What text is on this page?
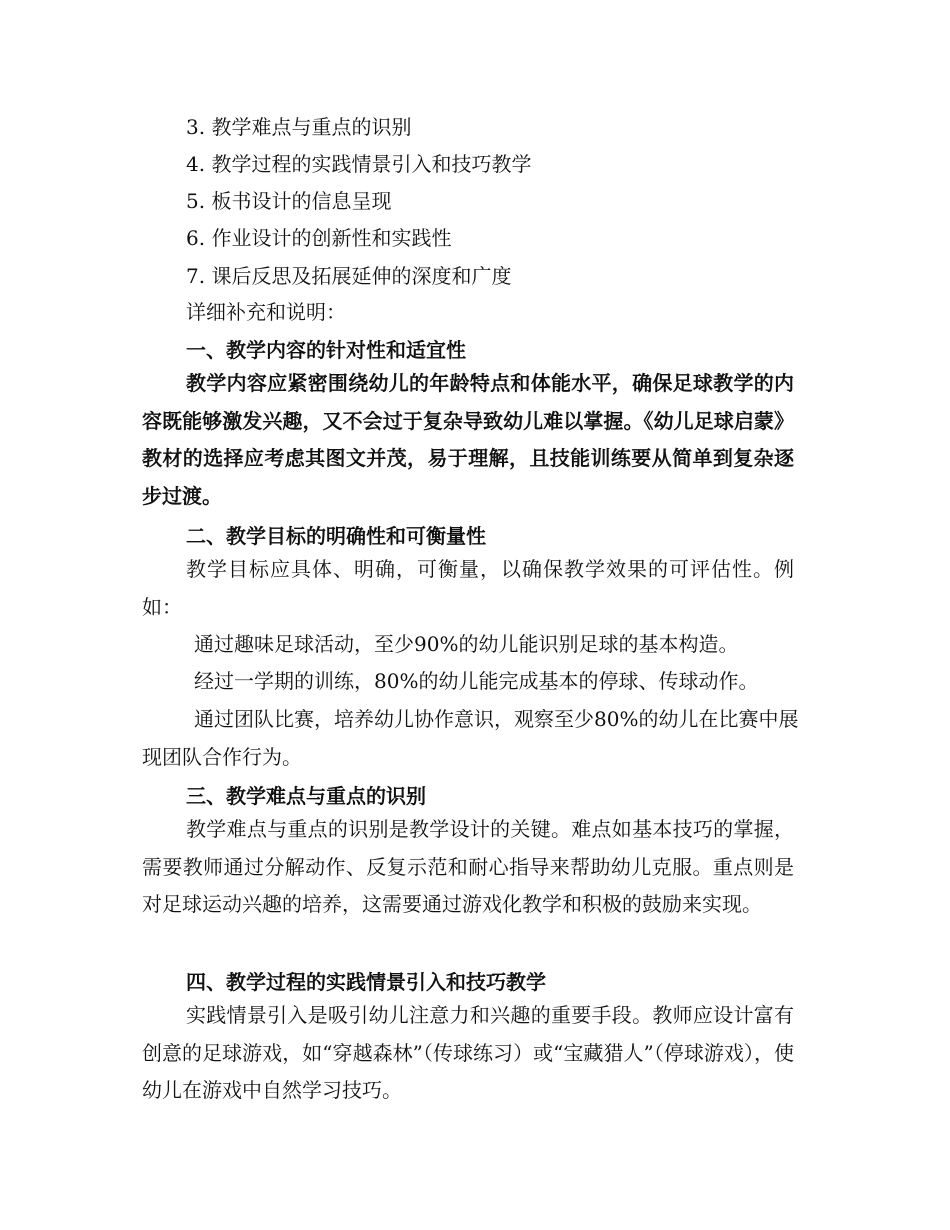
3. 教学难点与重点的识别
4. 教学过程的实践情景引入和技巧教学
5. 板书设计的信息呈现
6. 作业设计的创新性和实践性
7. 课后反思及拓展延伸的深度和广度
详细补充和说明：
一、教学内容的针对性和适宜性
教学内容应紧密围绕幼儿的年龄特点和体能水平，确保足球教学的内容既能够激发兴趣，又不会过于复杂导致幼儿难以掌握。《幼儿足球启蒙》教材的选择应考虑其图文并茂，易于理解，且技能训练要从简单到复杂逐步过渡。
二、教学目标的明确性和可衡量性
教学目标应具体、明确，可衡量，以确保教学效果的可评估性。例如：
通过趣味足球活动，至少90%的幼儿能识别足球的基本构造。
经过一学期的训练，80%的幼儿能完成基本的停球、传球动作。
通过团队比赛，培养幼儿协作意识，观察至少80%的幼儿在比赛中展现团队合作行为。
三、教学难点与重点的识别
教学难点与重点的识别是教学设计的关键。难点如基本技巧的掌握，需要教师通过分解动作、反复示范和耐心指导来帮助幼儿克服。重点则是对足球运动兴趣的培养，这需要通过游戏化教学和积极的鼓励来实现。
四、教学过程的实践情景引入和技巧教学
实践情景引入是吸引幼儿注意力和兴趣的重要手段。教师应设计富有创意的足球游戏，如“穿越森林”（传球练习）或“宝藏猎人”（停球游戏），使幼儿在游戏中自然学习技巧。
